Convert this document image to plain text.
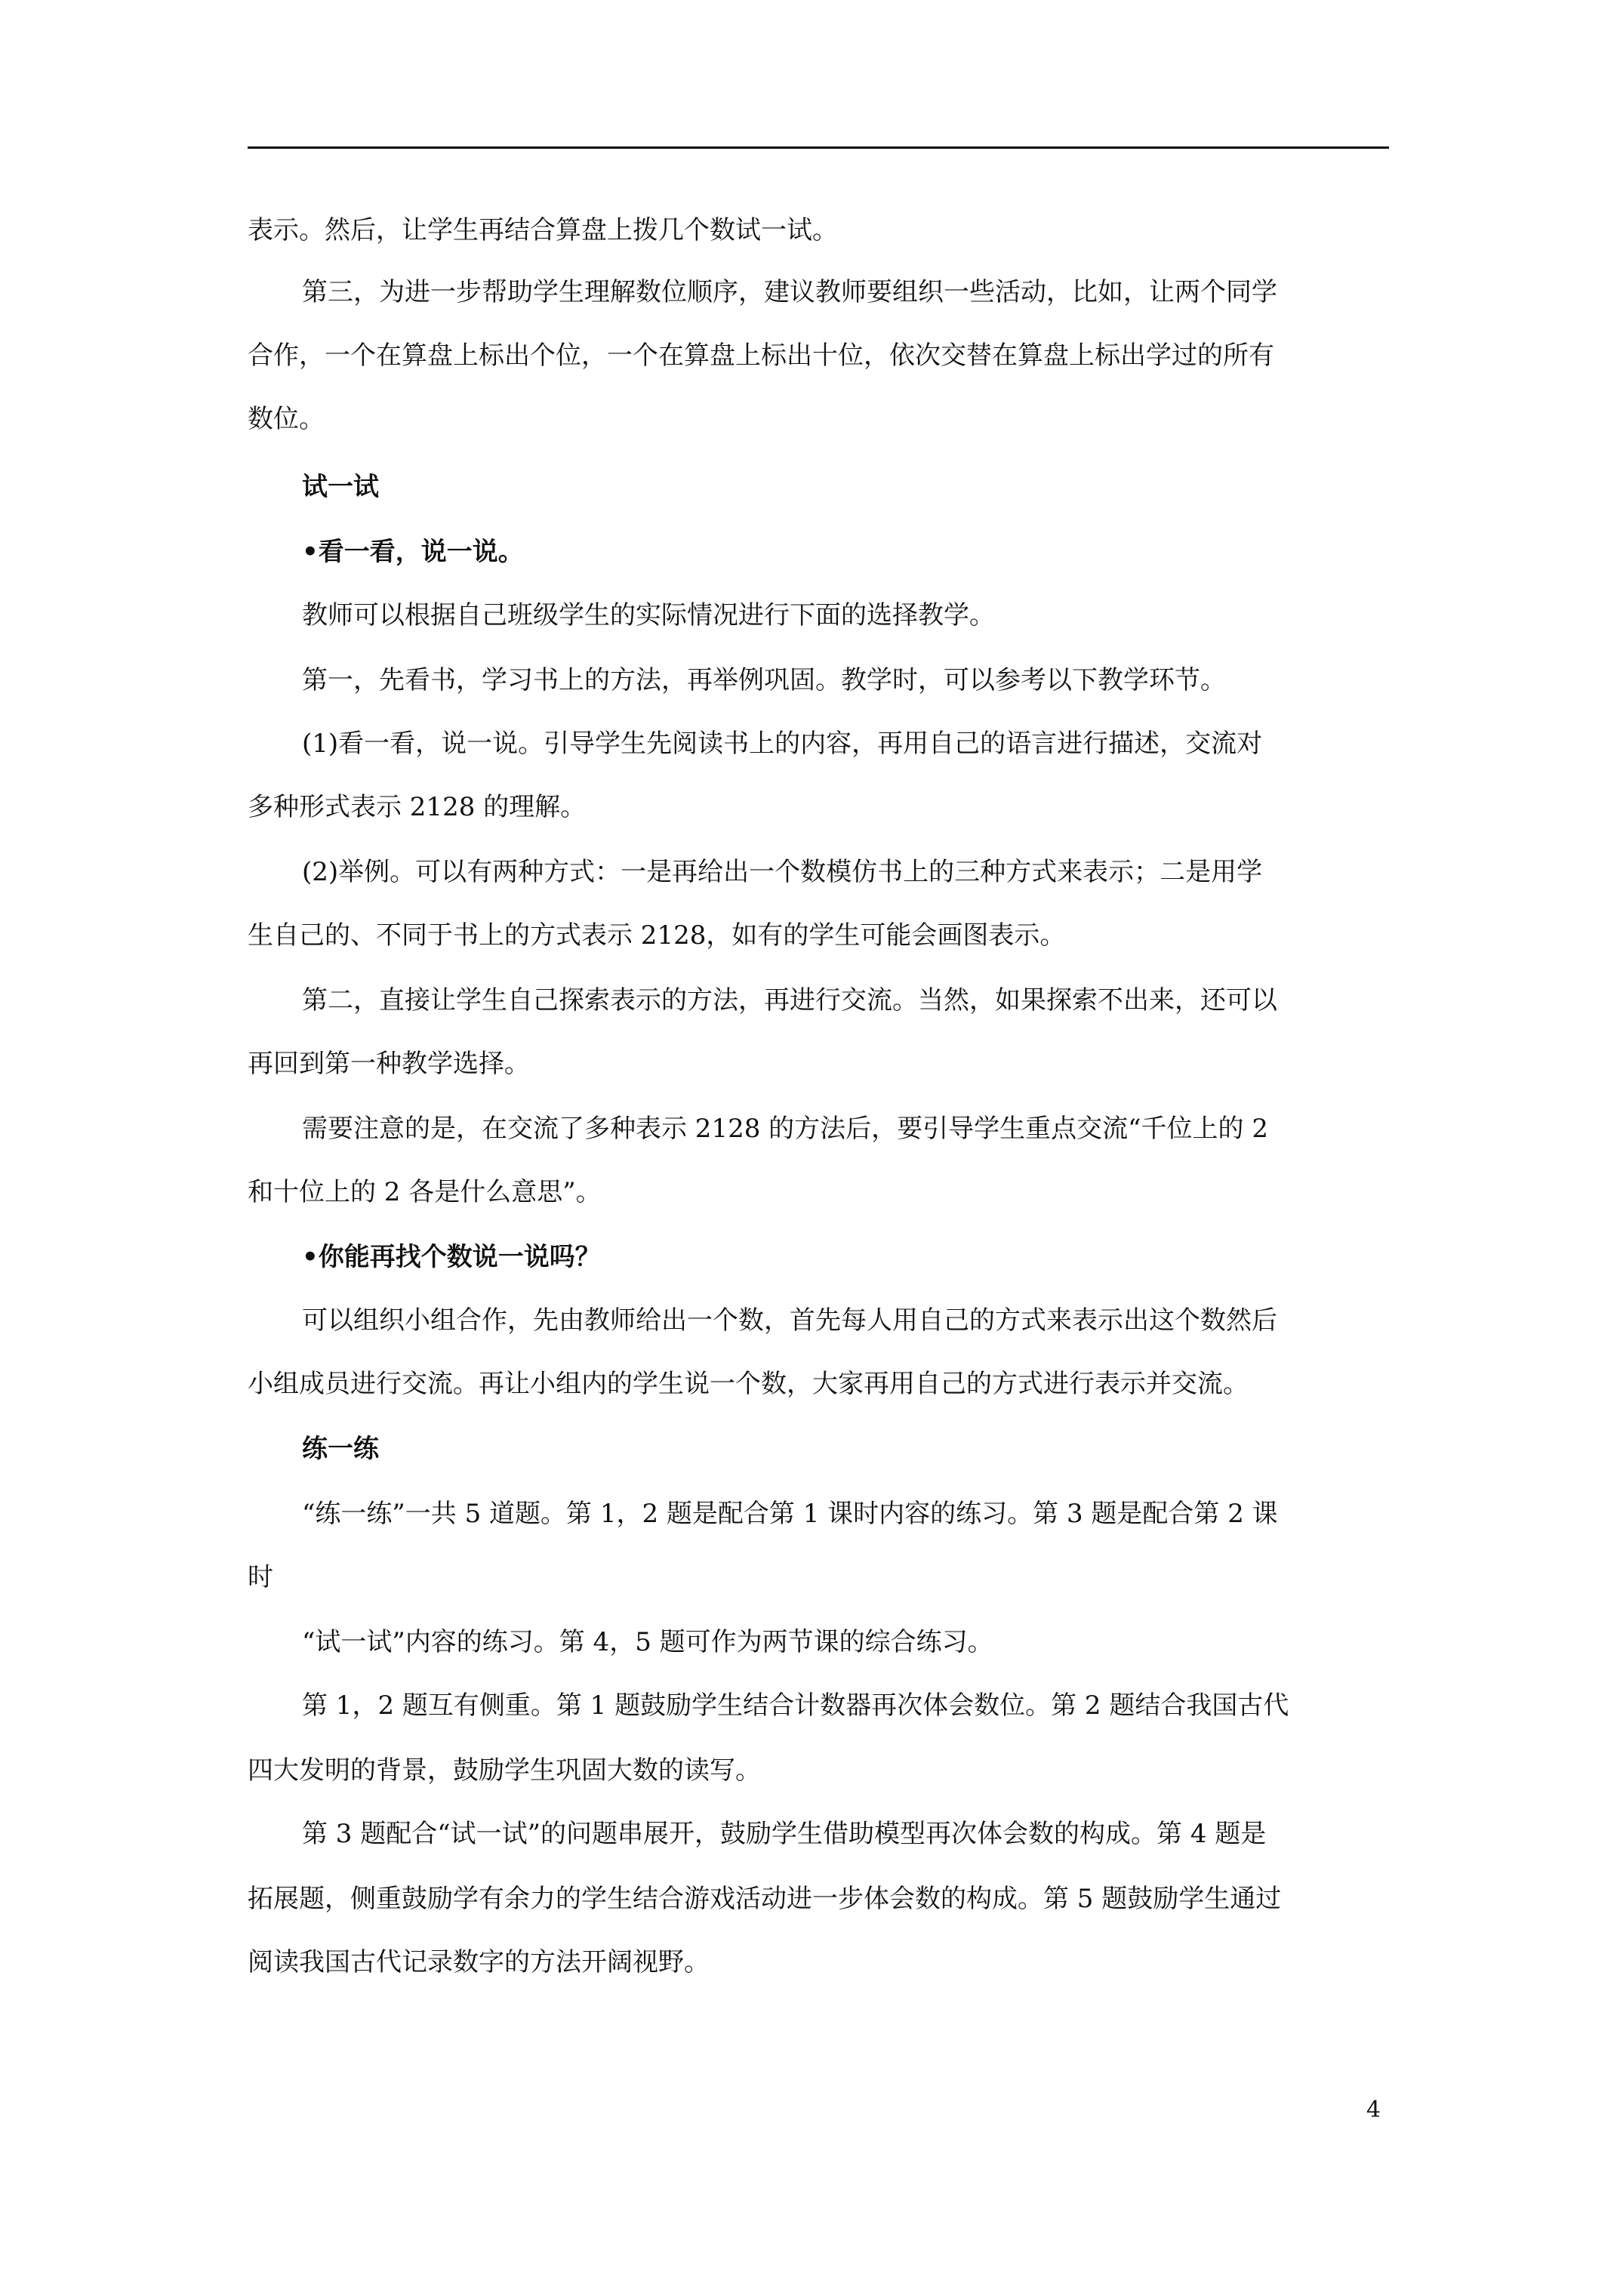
表示。然后，让学生再结合算盘上拨几个数试一试。
第三，为进一步帮助学生理解数位顺序，建议教师要组织一些活动，比如，让两个同学
合作，一个在算盘上标出个位，一个在算盘上标出十位，依次交替在算盘上标出学过的所有
数位。
试一试
•看一看，说一说。
教师可以根据自己班级学生的实际情况进行下面的选择教学。
第一，先看书，学习书上的方法，再举例巩固。教学时，可以参考以下教学环节。
(1)看一看，说一说。引导学生先阅读书上的内容，再用自己的语言进行描述，交流对
多种形式表示 2128 的理解。
(2)举例。可以有两种方式：一是再给出一个数模仿书上的三种方式来表示；二是用学
生自己的、不同于书上的方式表示 2128，如有的学生可能会画图表示。
第二，直接让学生自己探索表示的方法，再进行交流。当然，如果探索不出来，还可以
再回到第一种教学选择。
需要注意的是，在交流了多种表示 2128 的方法后，要引导学生重点交流“千位上的 2
和十位上的 2 各是什么意思”。
•你能再找个数说一说吗？
可以组织小组合作，先由教师给出一个数，首先每人用自己的方式来表示出这个数然后
小组成员进行交流。再让小组内的学生说一个数，大家再用自己的方式进行表示并交流。
练一练
“练一练”一共 5 道题。第 1，2 题是配合第 1 课时内容的练习。第 3 题是配合第 2 课
时
“试一试”内容的练习。第 4，5 题可作为两节课的综合练习。
第 1，2 题互有侧重。第 1 题鼓励学生结合计数器再次体会数位。第 2 题结合我国古代
四大发明的背景，鼓励学生巩固大数的读写。
第 3 题配合“试一试”的问题串展开，鼓励学生借助模型再次体会数的构成。第 4 题是
拓展题，侧重鼓励学有余力的学生结合游戏活动进一步体会数的构成。第 5 题鼓励学生通过
阅读我国古代记录数字的方法开阔视野。
4
